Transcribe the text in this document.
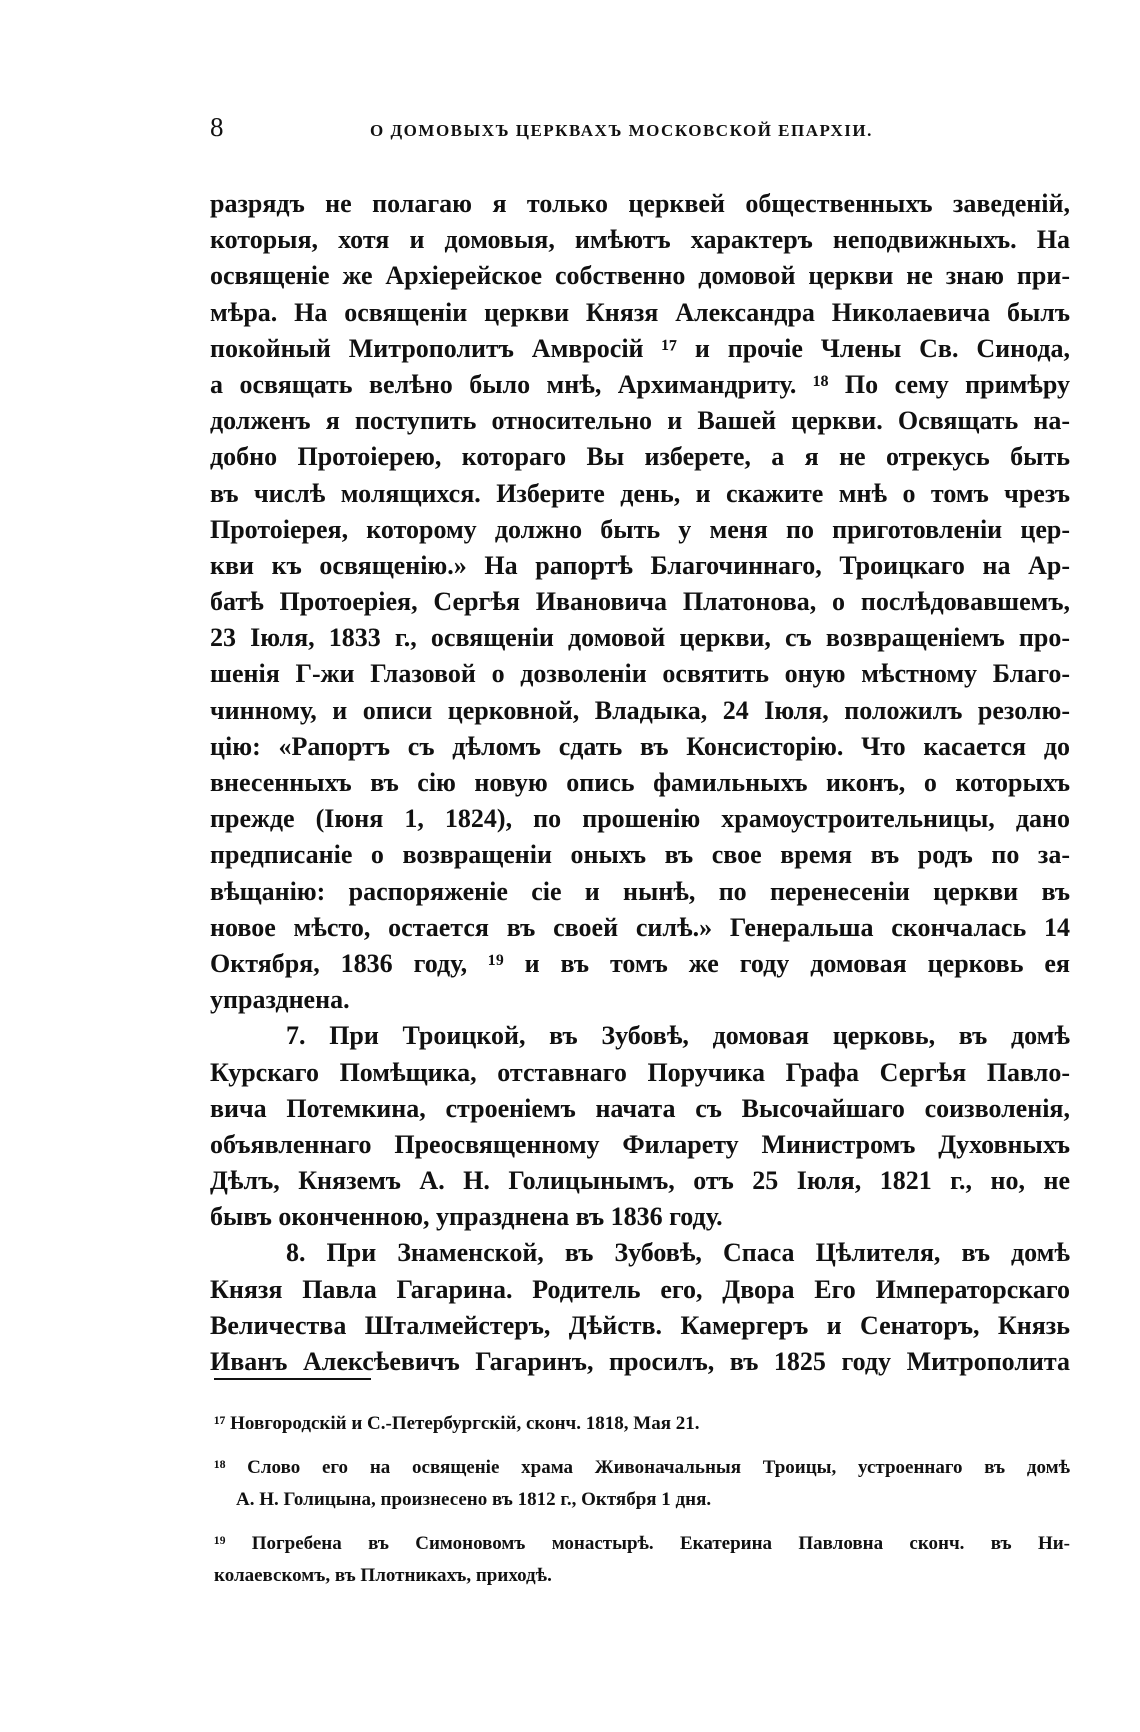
8	О ДОМОВЫХЪ ЦЕРКВАХЪ МОСКОВСКОЙ ЕПАРХІИ.
разрядъ не полагаю я только церквей общественныхъ заведеній,
которыя, хотя и домовыя, имѣютъ характеръ неподвижныхъ. На
освященіе же Архіерейское собственно домовой церкви не знаю при-
мѣра. На освященіи церкви Князя Александра Николаевича былъ
покойный Митрополитъ Амвросій ¹⁷ и прочіе Члены Св. Синода,
а освящать велѣно было мнѣ, Архимандриту. ¹⁸ По сему примѣру
долженъ я поступить относительно и Вашей церкви. Освящать на-
добно Протоіерею, котораго Вы изберете, а я не отрекусь быть
въ числѣ молящихся. Изберите день, и скажите мнѣ о томъ чрезъ
Протоіерея, которому должно быть у меня по приготовленіи цер-
кви къ освященію.» На рапортѣ Благочиннаго, Троицкаго на Ар-
батѣ Протоеріея, Сергѣя Ивановича Платонова, о послѣдовавшемъ,
23 Іюля, 1833 г., освященіи домовой церкви, съ возвращеніемъ про-
шенія Г-жи Глазовой о дозволеніи освятить оную мѣстному Благо-
чинному, и описи церковной, Владыка, 24 Іюля, положилъ резолю-
цію: «Рапортъ съ дѣломъ сдать въ Консисторію. Что касается до
внесенныхъ въ сію новую опись фамильныхъ иконъ, о которыхъ
прежде (Іюня 1, 1824), по прошенію храмоустроительницы, дано
предписаніе о возвращеніи оныхъ въ свое время въ родъ по за-
вѣщанію: распоряженіе сіе и нынѣ, по перенесеніи церкви въ
новое мѣсто, остается въ своей силѣ.» Генеральша скончалась 14
Октября, 1836 году, ¹⁹ и въ томъ же году домовая церковь ея
упразднена.
7. При Троицкой, въ Зубовѣ, домовая церковь, въ домѣ
Курскаго Помѣщика, отставнаго Поручика Графа Сергѣя Павло-
вича Потемкина, строеніемъ начата съ Высочайшаго соизволенія,
объявленнаго Преосвященному Филарету Министромъ Духовныхъ
Дѣлъ, Княземъ А. Н. Голицынымъ, отъ 25 Іюля, 1821 г., но, не
бывъ оконченною, упразднена въ 1836 году.
8. При Знаменской, въ Зубовѣ, Спаса Цѣлителя, въ домѣ
Князя Павла Гагарина. Родитель его, Двора Его Императорскаго
Величества Шталмейстеръ, Дѣйств. Камергеръ и Сенаторъ, Князь
Иванъ Алексѣевичъ Гагаринъ, просилъ, въ 1825 году Митрополита
¹⁷ Новгородскій и С.-Петербургскій, сконч. 1818, Мая 21.
¹⁸ Слово его на освященіе храма Живоначальныя Троицы, устроеннаго въ домѣ
А. Н. Голицына, произнесено въ 1812 г., Октября 1 дня.
¹⁹ Погребена въ Симоновомъ монастырѣ. Екатерина Павловна сконч. въ Ни-
колаевскомъ, въ Плотникахъ, приходѣ.
